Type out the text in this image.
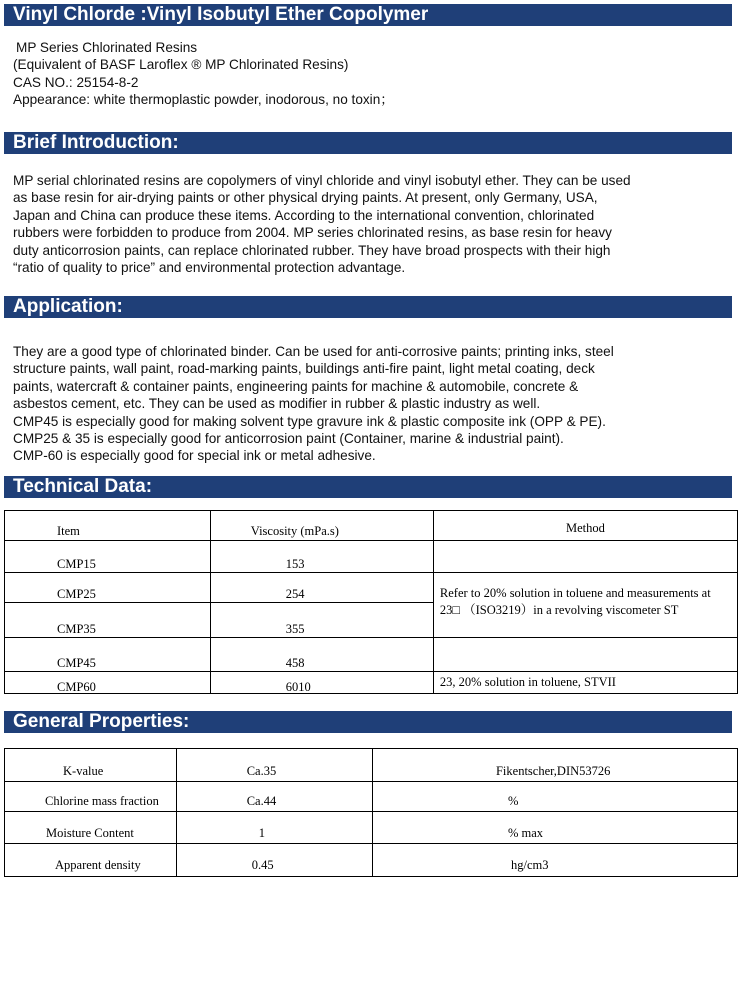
Vinyl Chlorde :Vinyl Isobutyl Ether Copolymer

MP Series Chlorinated Resins

(Equivalent of BASF Laroflex ® MP Chlorinated Resins)

CAS NO.: 25154-8-2

Appearance: white thermoplastic powder, inodorous, no toxin；

Brief Introduction:

MP serial chlorinated resins are copolymers of vinyl chloride and vinyl isobutyl ether. They can be used

as base resin for air-drying paints or other physical drying paints. At present, only Germany, USA,

Japan and China can produce these items. According to the international convention, chlorinated

rubbers were forbidden to produce from 2004. MP series chlorinated resins, as base resin for heavy

duty anticorrosion paints, can replace chlorinated rubber. They have broad prospects with their high

“ratio of quality to price” and environmental protection advantage.

Application:

They are a good type of chlorinated binder. Can be used for anti-corrosive paints; printing inks, steel

structure paints, wall paint, road-marking paints, buildings anti-fire paint, light metal coating, deck

paints, watercraft & container paints, engineering paints for machine & automobile, concrete &

asbestos cement, etc. They can be used as modifier in rubber & plastic industry as well.

CMP45 is especially good for making solvent type gravure ink & plastic composite ink (OPP & PE).

CMP25 & 35 is especially good for anticorrosion paint (Container, marine & industrial paint).

CMP-60 is especially good for special ink or metal adhesive.

Technical Data:
Item	Viscosity (mPa.s)	Method
CMP15	153	
CMP25	254	Refer to 20% solution in toluene and measurements at
23□ （ISO3219）in a revolving viscometer ST

CMP35	355	
CMP45	458	
CMP60	6010	23, 20% solution in toluene, STVII
General Properties:
K-value	Ca.35	Fikentscher,DIN53726
Chlorine mass fraction	Ca.44	%
Moisture Content	1	% max
Apparent density	0.45	hg/cm3
